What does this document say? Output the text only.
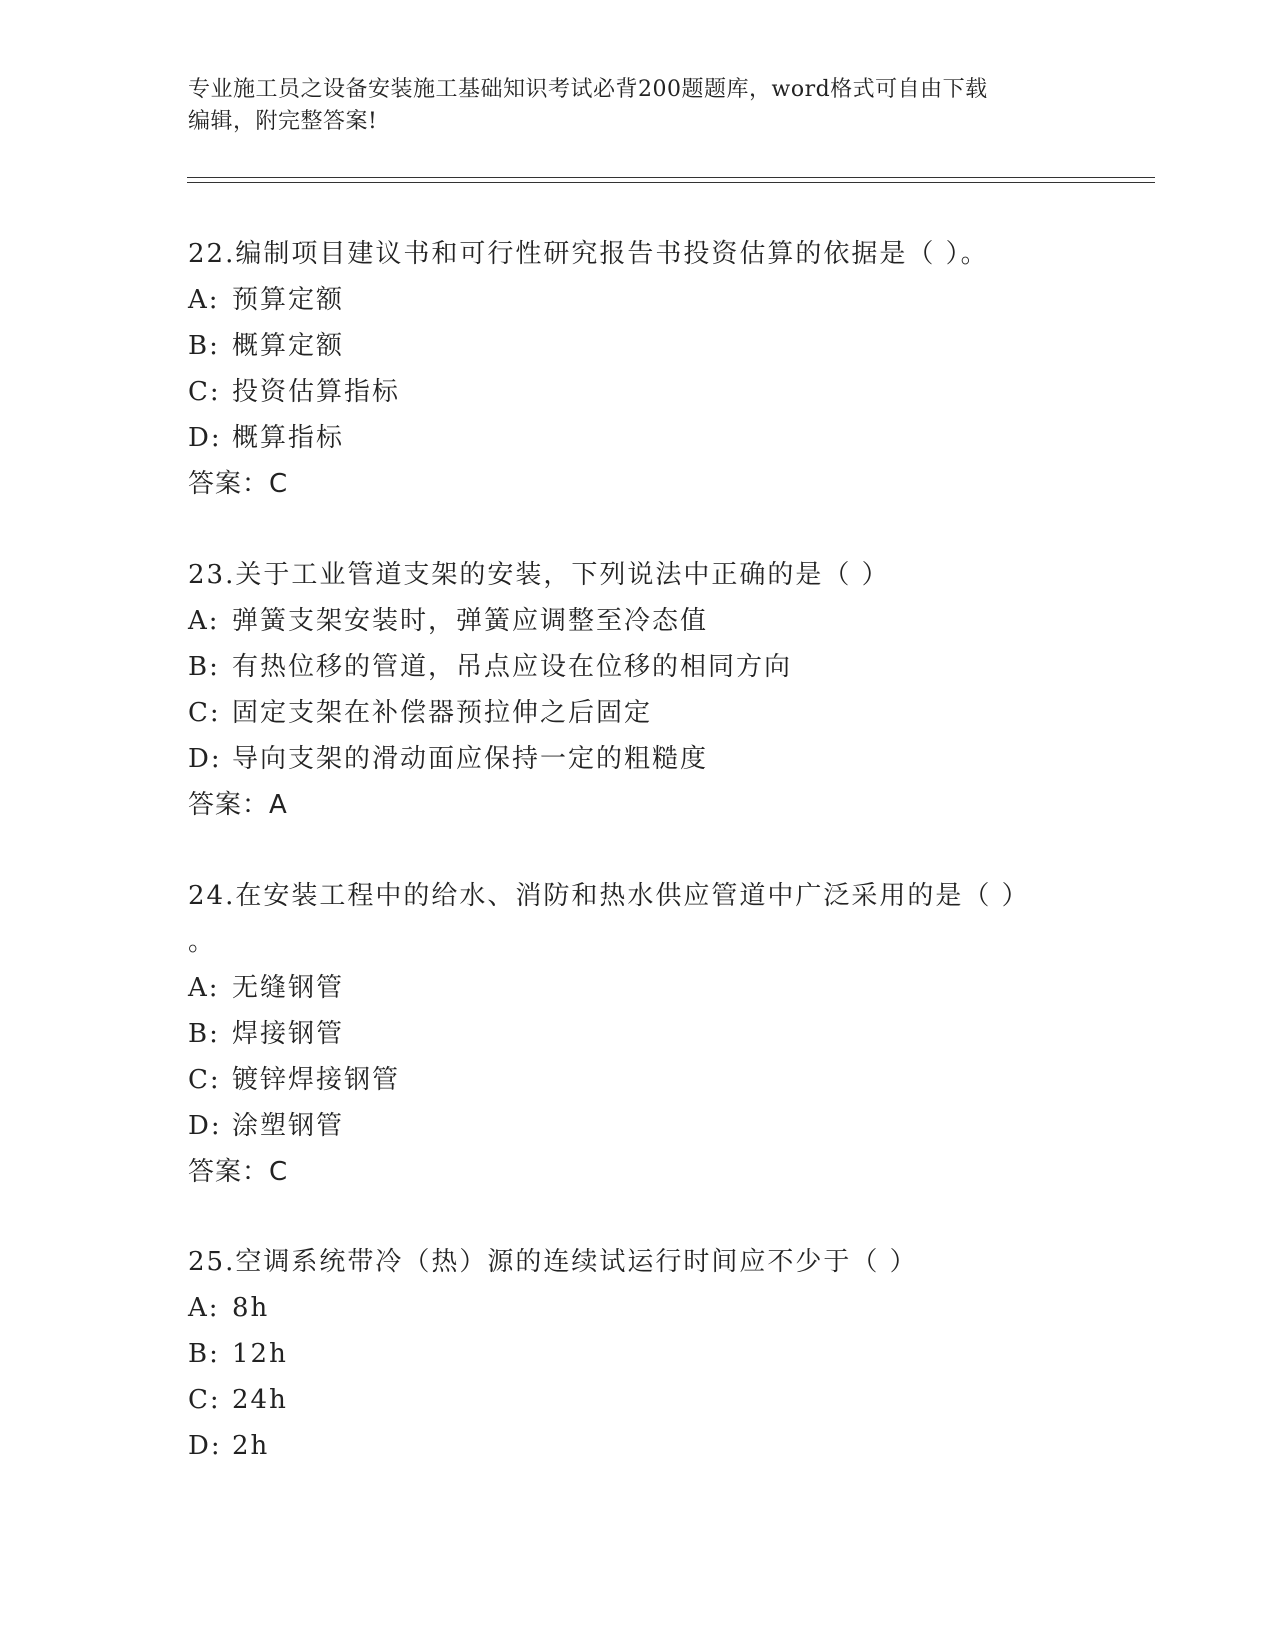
专业施工员之设备安装施工基础知识考试必背200题题库，word格式可自由下载
编辑，附完整答案!
22.编制项目建议书和可行性研究报告书投资估算的依据是（ ）。
A: 预算定额
B: 概算定额
C: 投资估算指标
D: 概算指标
答案：C
23.关于工业管道支架的安装，下列说法中正确的是（ ）
A: 弹簧支架安装时，弹簧应调整至冷态值
B: 有热位移的管道，吊点应设在位移的相同方向
C: 固定支架在补偿器预拉伸之后固定
D: 导向支架的滑动面应保持一定的粗糙度
答案：A
24.在安装工程中的给水、消防和热水供应管道中广泛采用的是（ ）
。
A: 无缝钢管
B: 焊接钢管
C: 镀锌焊接钢管
D: 涂塑钢管
答案：C
25.空调系统带冷（热）源的连续试运行时间应不少于（ ）
A: 8h
B: 12h
C: 24h
D: 2h
